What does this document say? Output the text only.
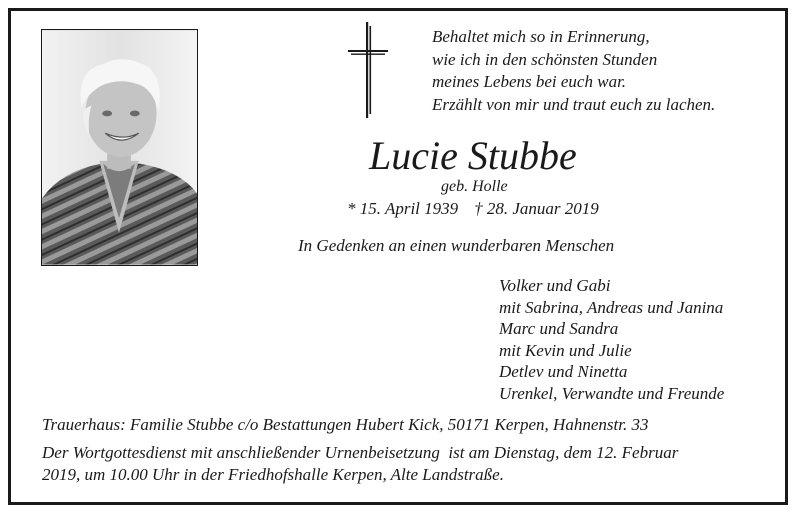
Behaltet mich so in Erinnerung,
wie ich in den schönsten Stunden
meines Lebens bei euch war.
Erzählt von mir und traut euch zu lachen.
Lucie Stubbe
geb. Holle
* 15. April 1939 † 28. Januar 2019
In Gedenken an einen wunderbaren Menschen
Volker und Gabi
mit Sabrina, Andreas und Janina
Marc und Sandra
mit Kevin und Julie
Detlev und Ninetta
Urenkel, Verwandte und Freunde
Trauerhaus: Familie Stubbe c/o Bestattungen Hubert Kick, 50171 Kerpen, Hahnenstr. 33
Der Wortgottesdienst mit anschließender Urnenbeisetzung  ist am Dienstag, dem 12. Februar
2019, um 10.00 Uhr in der Friedhofshalle Kerpen, Alte Landstraße.
